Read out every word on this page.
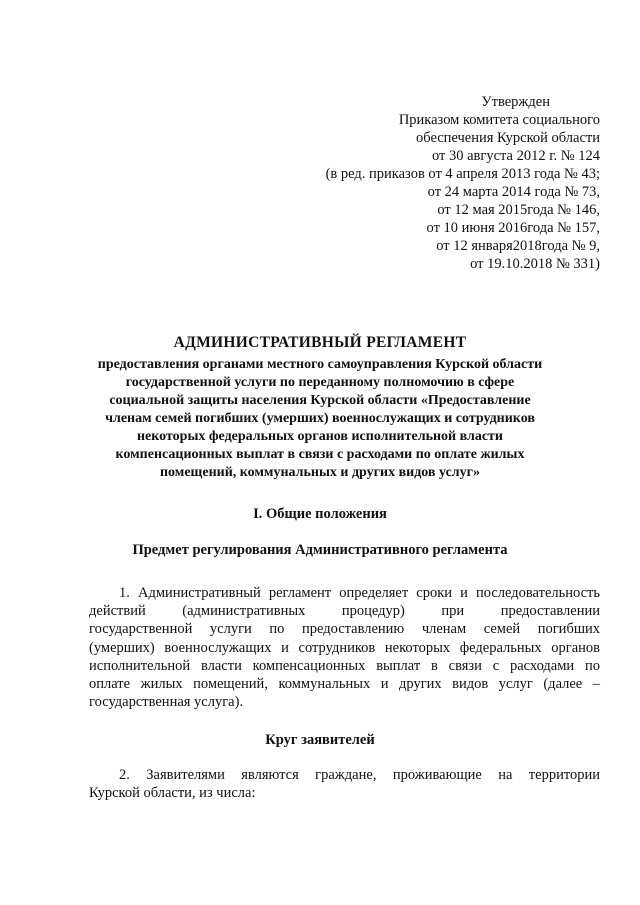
Утвержден
Приказом комитета социального
обеспечения Курской области
от 30 августа 2012 г. № 124
(в ред. приказов от 4 апреля 2013 года № 43;
от 24 марта 2014 года № 73,
от 12 мая 2015года № 146,
от 10 июня 2016года № 157,
от 12 января2018года № 9,
от 19.10.2018 № 331)
АДМИНИСТРАТИВНЫЙ РЕГЛАМЕНТ
предоставления органами местного самоуправления Курской области
государственной услуги по переданному полномочию в сфере
социальной защиты населения Курской области «Предоставление
членам семей погибших (умерших) военнослужащих и сотрудников
некоторых федеральных органов исполнительной власти
компенсационных выплат в связи с расходами по оплате жилых
помещений, коммунальных и других видов услуг»
I. Общие положения
Предмет регулирования Административного регламента
1. Административный регламент определяет сроки и последовательность
действий (административных процедур) при предоставлении
государственной услуги по предоставлению членам семей погибших
(умерших) военнослужащих и сотрудников некоторых федеральных органов
исполнительной власти компенсационных выплат в связи с расходами по
оплате жилых помещений, коммунальных и других видов услуг (далее –
государственная услуга).
Круг заявителей
2. Заявителями являются граждане, проживающие на территории
Курской области, из числа:
